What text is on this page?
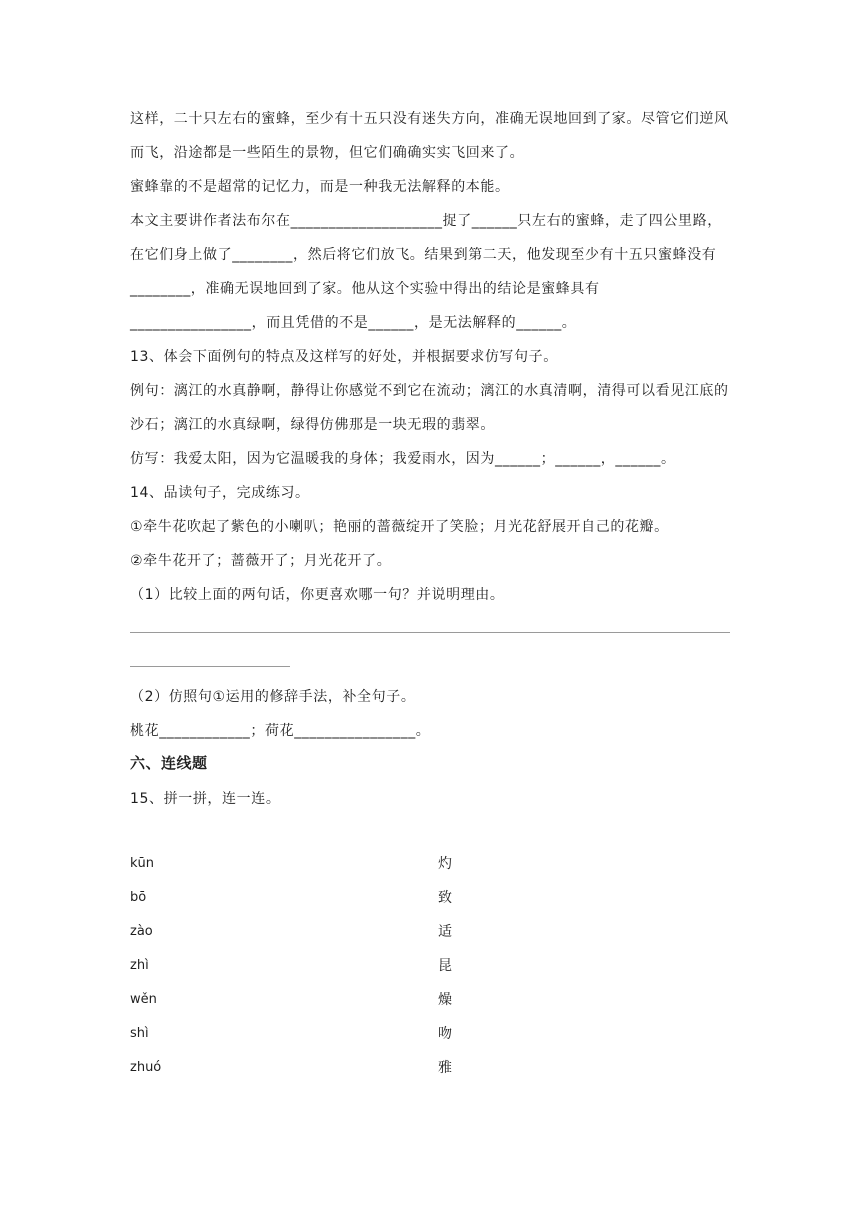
这样，二十只左右的蜜蜂，至少有十五只没有迷失方向，准确无误地回到了家。尽管它们逆风而飞，沿途都是一些陌生的景物，但它们确确实实飞回来了。

蜜蜂靠的不是超常的记忆力，而是一种我无法解释的本能。

本文主要讲作者法布尔在____________________捉了______只左右的蜜蜂，走了四公里路，在它们身上做了________，然后将它们放飞。结果到第二天，他发现至少有十五只蜜蜂没有________，准确无误地回到了家。他从这个实验中得出的结论是蜜蜂具有________________，而且凭借的不是______，是无法解释的______。

13、体会下面例句的特点及这样写的好处，并根据要求仿写句子。

例句：漓江的水真静啊，静得让你感觉不到它在流动；漓江的水真清啊，清得可以看见江底的沙石；漓江的水真绿啊，绿得仿佛那是一块无瑕的翡翠。

仿写：我爱太阳，因为它温暖我的身体；我爱雨水，因为______；______，______。

14、品读句子，完成练习。

①牵牛花吹起了紫色的小喇叭；艳丽的蔷薇绽开了笑脸；月光花舒展开自己的花瓣。

②牵牛花开了；蔷薇开了；月光花开了。

（1）比较上面的两句话，你更喜欢哪一句？并说明理由。

（2）仿照句①运用的修辞手法，补全句子。

桃花____________；荷花________________。

六、连线题

15、拼一拼，连一连。

kūn	灼
bō	致
zào	适
zhì	昆
wěn	燥
shì	吻
zhuó	雅
